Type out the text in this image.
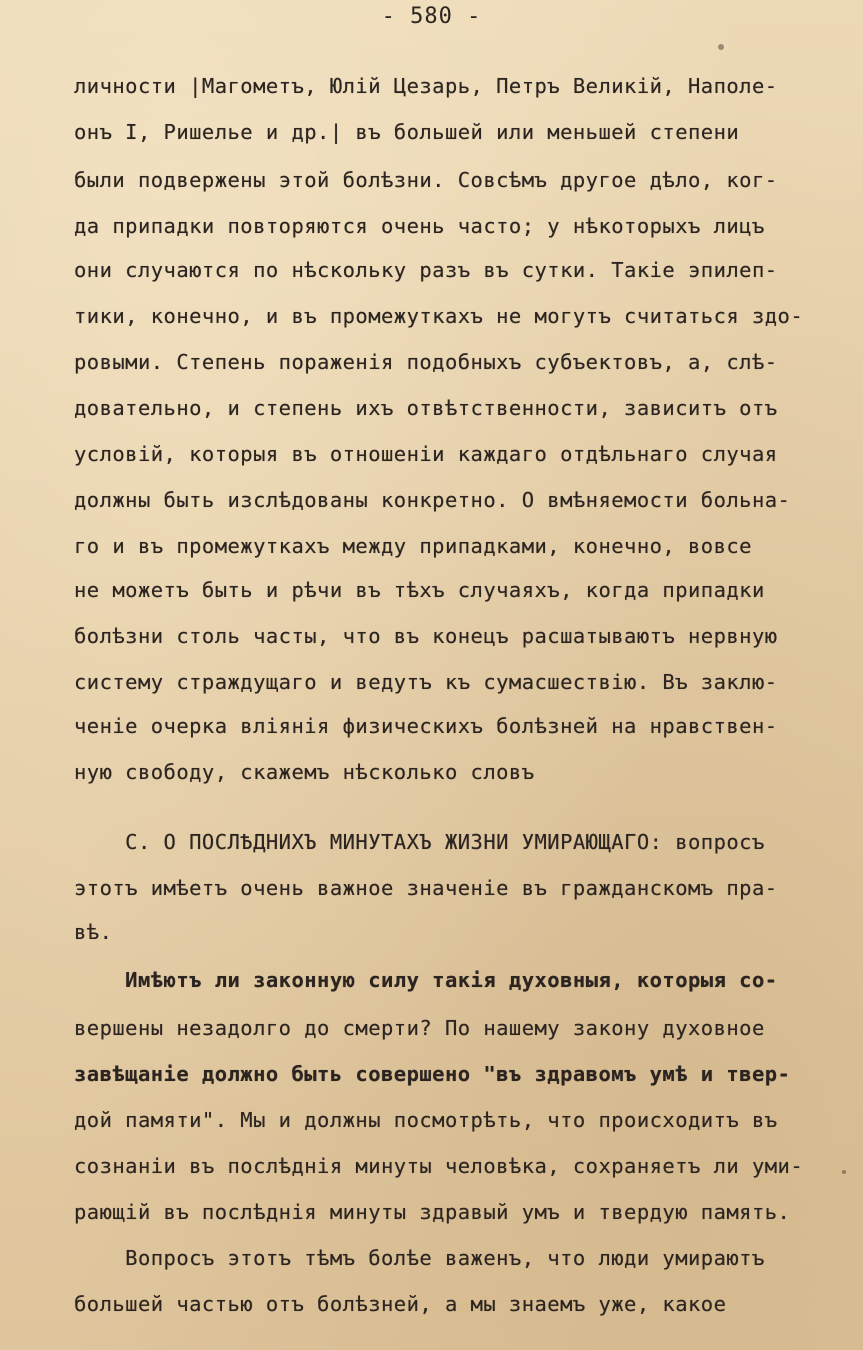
- 580 -
личности |Магометъ, Юлій Цезарь, Петръ Великій, Наполе-
онъ I, Ришелье и др.| въ большей или меньшей степени
были подвержены этой болѣзни. Совсѣмъ другое дѣло, ког-
да припадки повторяются очень часто; у нѣкоторыхъ лицъ
они случаются по нѣскольку разъ въ сутки. Такіе эпилеп-
тики, конечно, и въ промежуткахъ не могутъ считаться здо-
ровыми. Степень пораженія подобныхъ субъектовъ, а, слѣ-
довательно, и степень ихъ отвѣтственности, зависитъ отъ
условій, которыя въ отношеніи каждаго отдѣльнаго случая
должны быть изслѣдованы конкретно. О вмѣняемости больна-
го и въ промежуткахъ между припадками, конечно, вовсе
не можетъ быть и рѣчи въ тѣхъ случаяхъ, когда припадки
болѣзни столь часты, что въ конецъ расшатываютъ нервную
систему страждущаго и ведутъ къ сумасшествію. Въ заклю-
ченіе очерка вліянія физическихъ болѣзней на нравствен-
ную свободу, скажемъ нѣсколько словъ
С. О ПОСЛѢДНИХЪ МИНУТАХЪ ЖИЗНИ УМИРАЮЩАГО: вопросъ
этотъ имѣетъ очень важное значеніе въ гражданскомъ пра-
вѣ.
Имѣютъ ли законную силу такія духовныя, которыя со-
вершены незадолго до смерти? По нашему закону духовное
завѣщаніе должно быть совершено "въ здравомъ умѣ и твер-
дой памяти". Мы и должны посмотрѣть, что происходитъ въ
сознаніи въ послѣднія минуты человѣка, сохраняетъ ли уми-
рающій въ послѣднія минуты здравый умъ и твердую память.
Вопросъ этотъ тѣмъ болѣе важенъ, что люди умираютъ
большей частью отъ болѣзней, а мы знаемъ уже, какое
